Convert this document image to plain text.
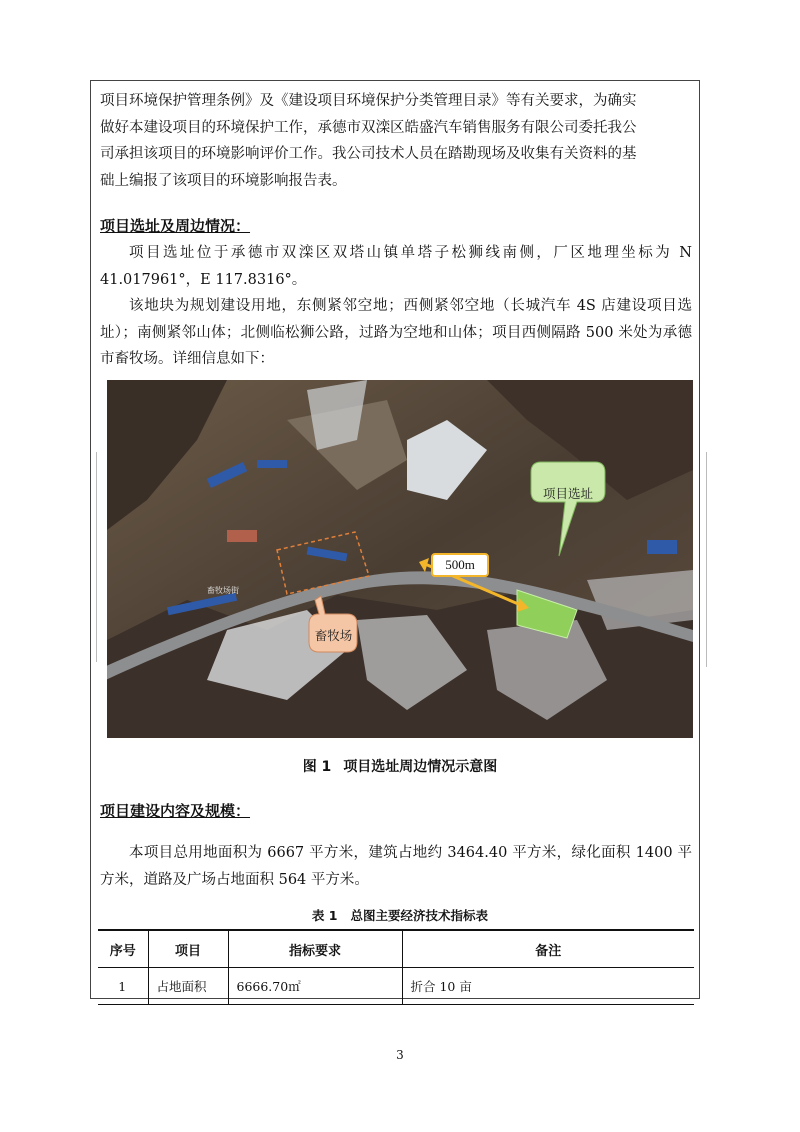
项目环境保护管理条例》及《建设项目环境保护分类管理目录》等有关要求，为确实
做好本建设项目的环境保护工作，承德市双滦区皓盛汽车销售服务有限公司委托我公
司承担该项目的环境影响评价工作。我公司技术人员在踏勘现场及收集有关资料的基
础上编报了该项目的环境影响报告表。

项目选址及周边情况：

项目选址位于承德市双滦区双塔山镇单塔子松狮线南侧，厂区地理坐标为 N 41.017961°，E 117.8316°。

该地块为规划建设用地，东侧紧邻空地；西侧紧邻空地（长城汽车 4S 店建设项目选址）；南侧紧邻山体；北侧临松狮公路，过路为空地和山体；项目西侧隔路 500 米处为承德市畜牧场。详细信息如下：

项目选址
500m
畜牧场
畜牧场街
图 1 项目选址周边情况示意图

项目建设内容及规模：

本项目总用地面积为 6667 平方米，建筑占地约 3464.40 平方米，绿化面积 1400 平方米，道路及广场占地面积 564 平方米。

表 1 总图主要经济技术指标表
序号	项目	指标要求	备注
1	占地面积	6666.70㎡	折合 10 亩
3
